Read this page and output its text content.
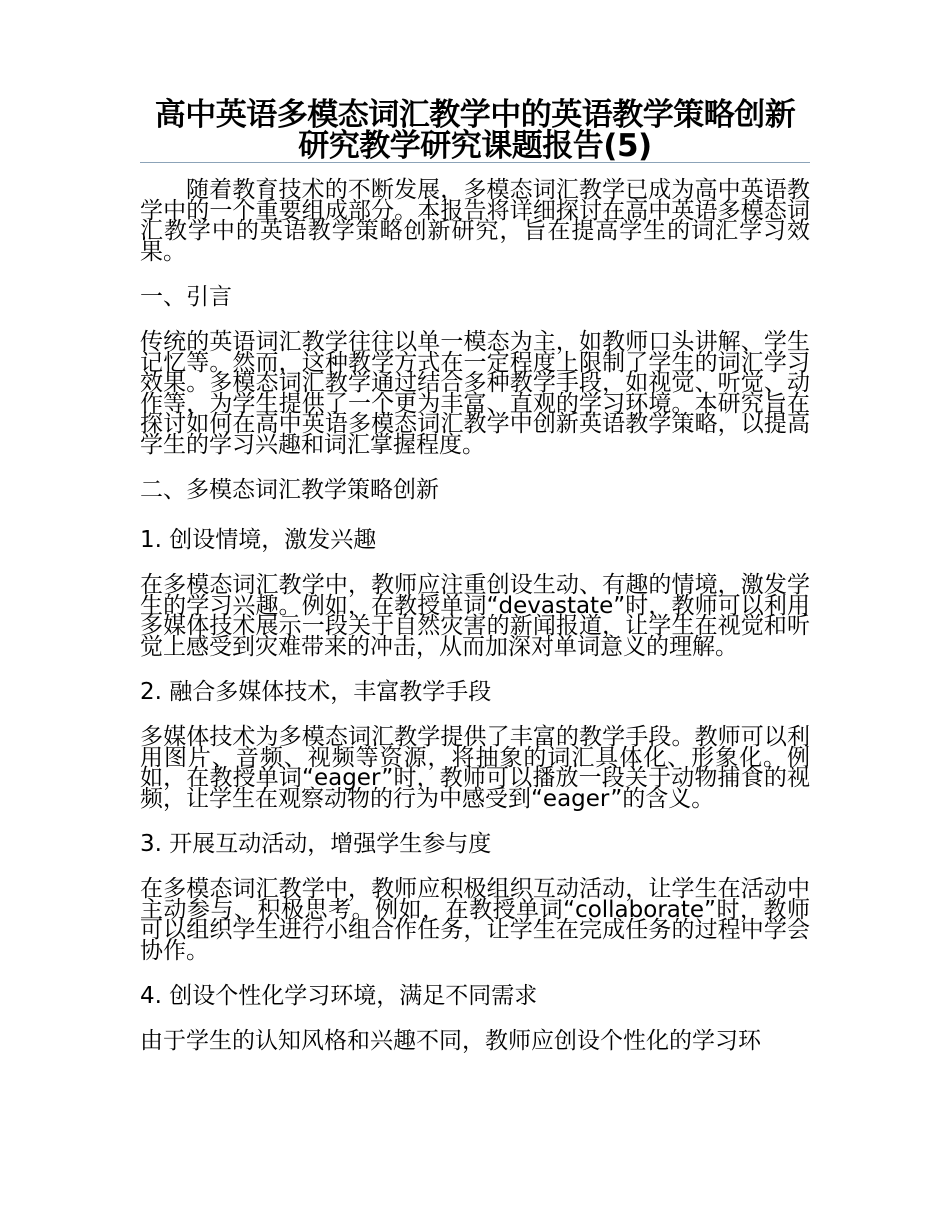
高中英语多模态词汇教学中的英语教学策略创新研究教学研究课题报告(5)

随着教育技术的不断发展，多模态词汇教学已成为高中英语教学中的一个重要组成部分。本报告将详细探讨在高中英语多模态词汇教学中的英语教学策略创新研究，旨在提高学生的词汇学习效果。

一、引言

传统的英语词汇教学往往以单一模态为主，如教师口头讲解、学生记忆等。然而，这种教学方式在一定程度上限制了学生的词汇学习效果。多模态词汇教学通过结合多种教学手段，如视觉、听觉、动作等，为学生提供了一个更为丰富、直观的学习环境。本研究旨在探讨如何在高中英语多模态词汇教学中创新英语教学策略，以提高学生的学习兴趣和词汇掌握程度。

二、多模态词汇教学策略创新

1. 创设情境，激发兴趣

在多模态词汇教学中，教师应注重创设生动、有趣的情境，激发学生的学习兴趣。例如，在教授单词“devastate”时，教师可以利用多媒体技术展示一段关于自然灾害的新闻报道，让学生在视觉和听觉上感受到灾难带来的冲击，从而加深对单词意义的理解。

2. 融合多媒体技术，丰富教学手段

多媒体技术为多模态词汇教学提供了丰富的教学手段。教师可以利用图片、音频、视频等资源，将抽象的词汇具体化、形象化。例如，在教授单词“eager”时，教师可以播放一段关于动物捕食的视频，让学生在观察动物的行为中感受到“eager”的含义。

3. 开展互动活动，增强学生参与度

在多模态词汇教学中，教师应积极组织互动活动，让学生在活动中主动参与、积极思考。例如，在教授单词“collaborate”时，教师可以组织学生进行小组合作任务，让学生在完成任务的过程中学会协作。

4. 创设个性化学习环境，满足不同需求

由于学生的认知风格和兴趣不同，教师应创设个性化的学习环
